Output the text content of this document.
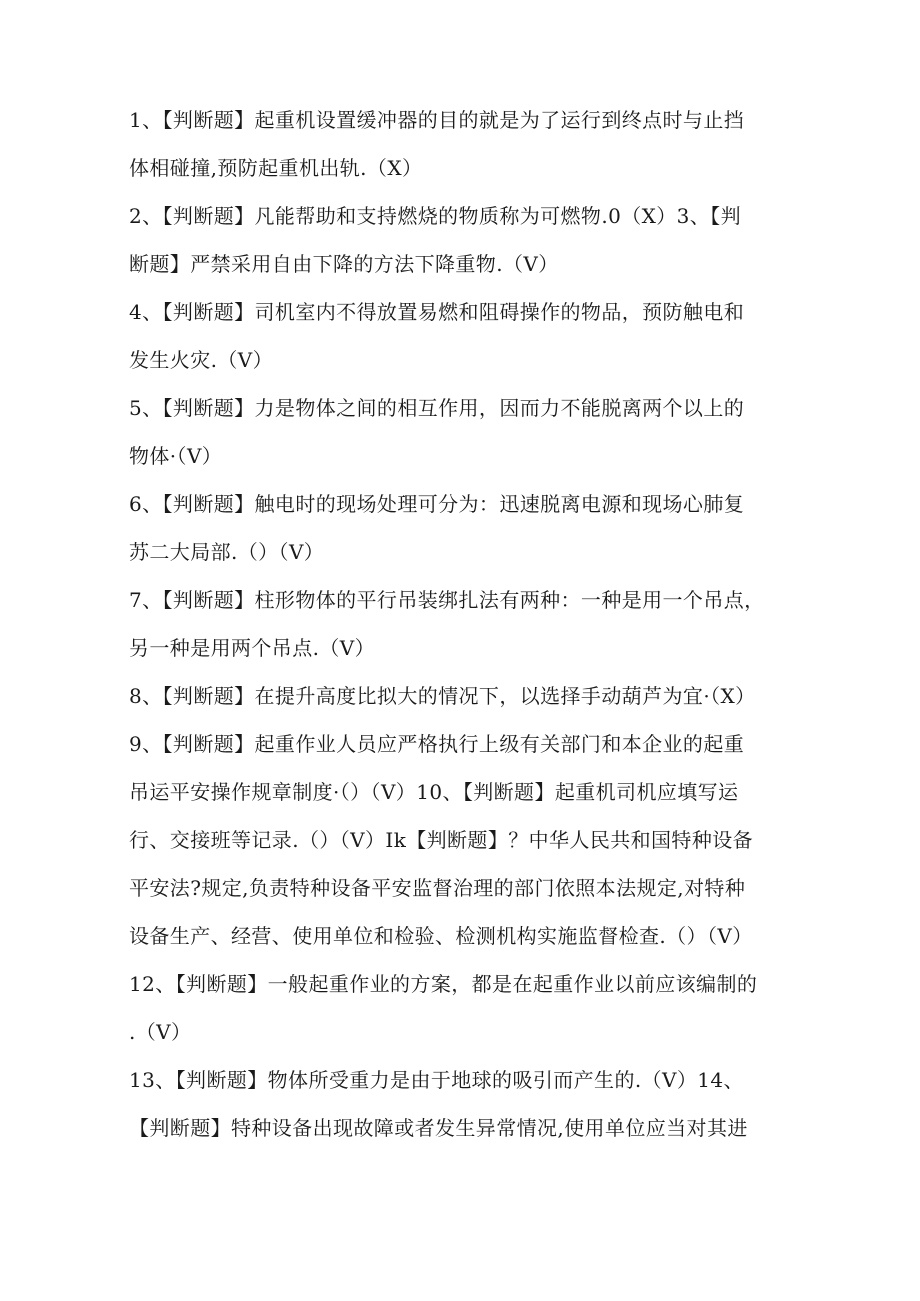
1、【判断题】起重机设置缓冲器的目的就是为了运行到终点时与止挡

体相碰撞,预防起重机出轨.（X）

2、【判断题】凡能帮助和支持燃烧的物质称为可燃物.0（X）3、【判

断题】严禁采用自由下降的方法下降重物.（V）

4、【判断题】司机室内不得放置易燃和阻碍操作的物品，预防触电和

发生火灾.（V）

5、【判断题】力是物体之间的相互作用，因而力不能脱离两个以上的

物体·（V）

6、【判断题】触电时的现场处理可分为：迅速脱离电源和现场心肺复

苏二大局部.（）（V）

7、【判断题】柱形物体的平行吊装绑扎法有两种：一种是用一个吊点，

另一种是用两个吊点.（V）

8、【判断题】在提升高度比拟大的情况下，以选择手动葫芦为宜·（X）

9、【判断题】起重作业人员应严格执行上级有关部门和本企业的起重

吊运平安操作规章制度·（）（V）10、【判断题】起重机司机应填写运

行、交接班等记录.（）（V）Ik【判断题】？中华人民共和国特种设备

平安法?规定,负责特种设备平安监督治理的部门依照本法规定,对特种

设备生产、经营、使用单位和检验、检测机构实施监督检查.（）（V）

12、【判断题】一般起重作业的方案，都是在起重作业以前应该编制的

.（V）

13、【判断题】物体所受重力是由于地球的吸引而产生的.（V）14、

【判断题】特种设备出现故障或者发生异常情况,使用单位应当对其进
